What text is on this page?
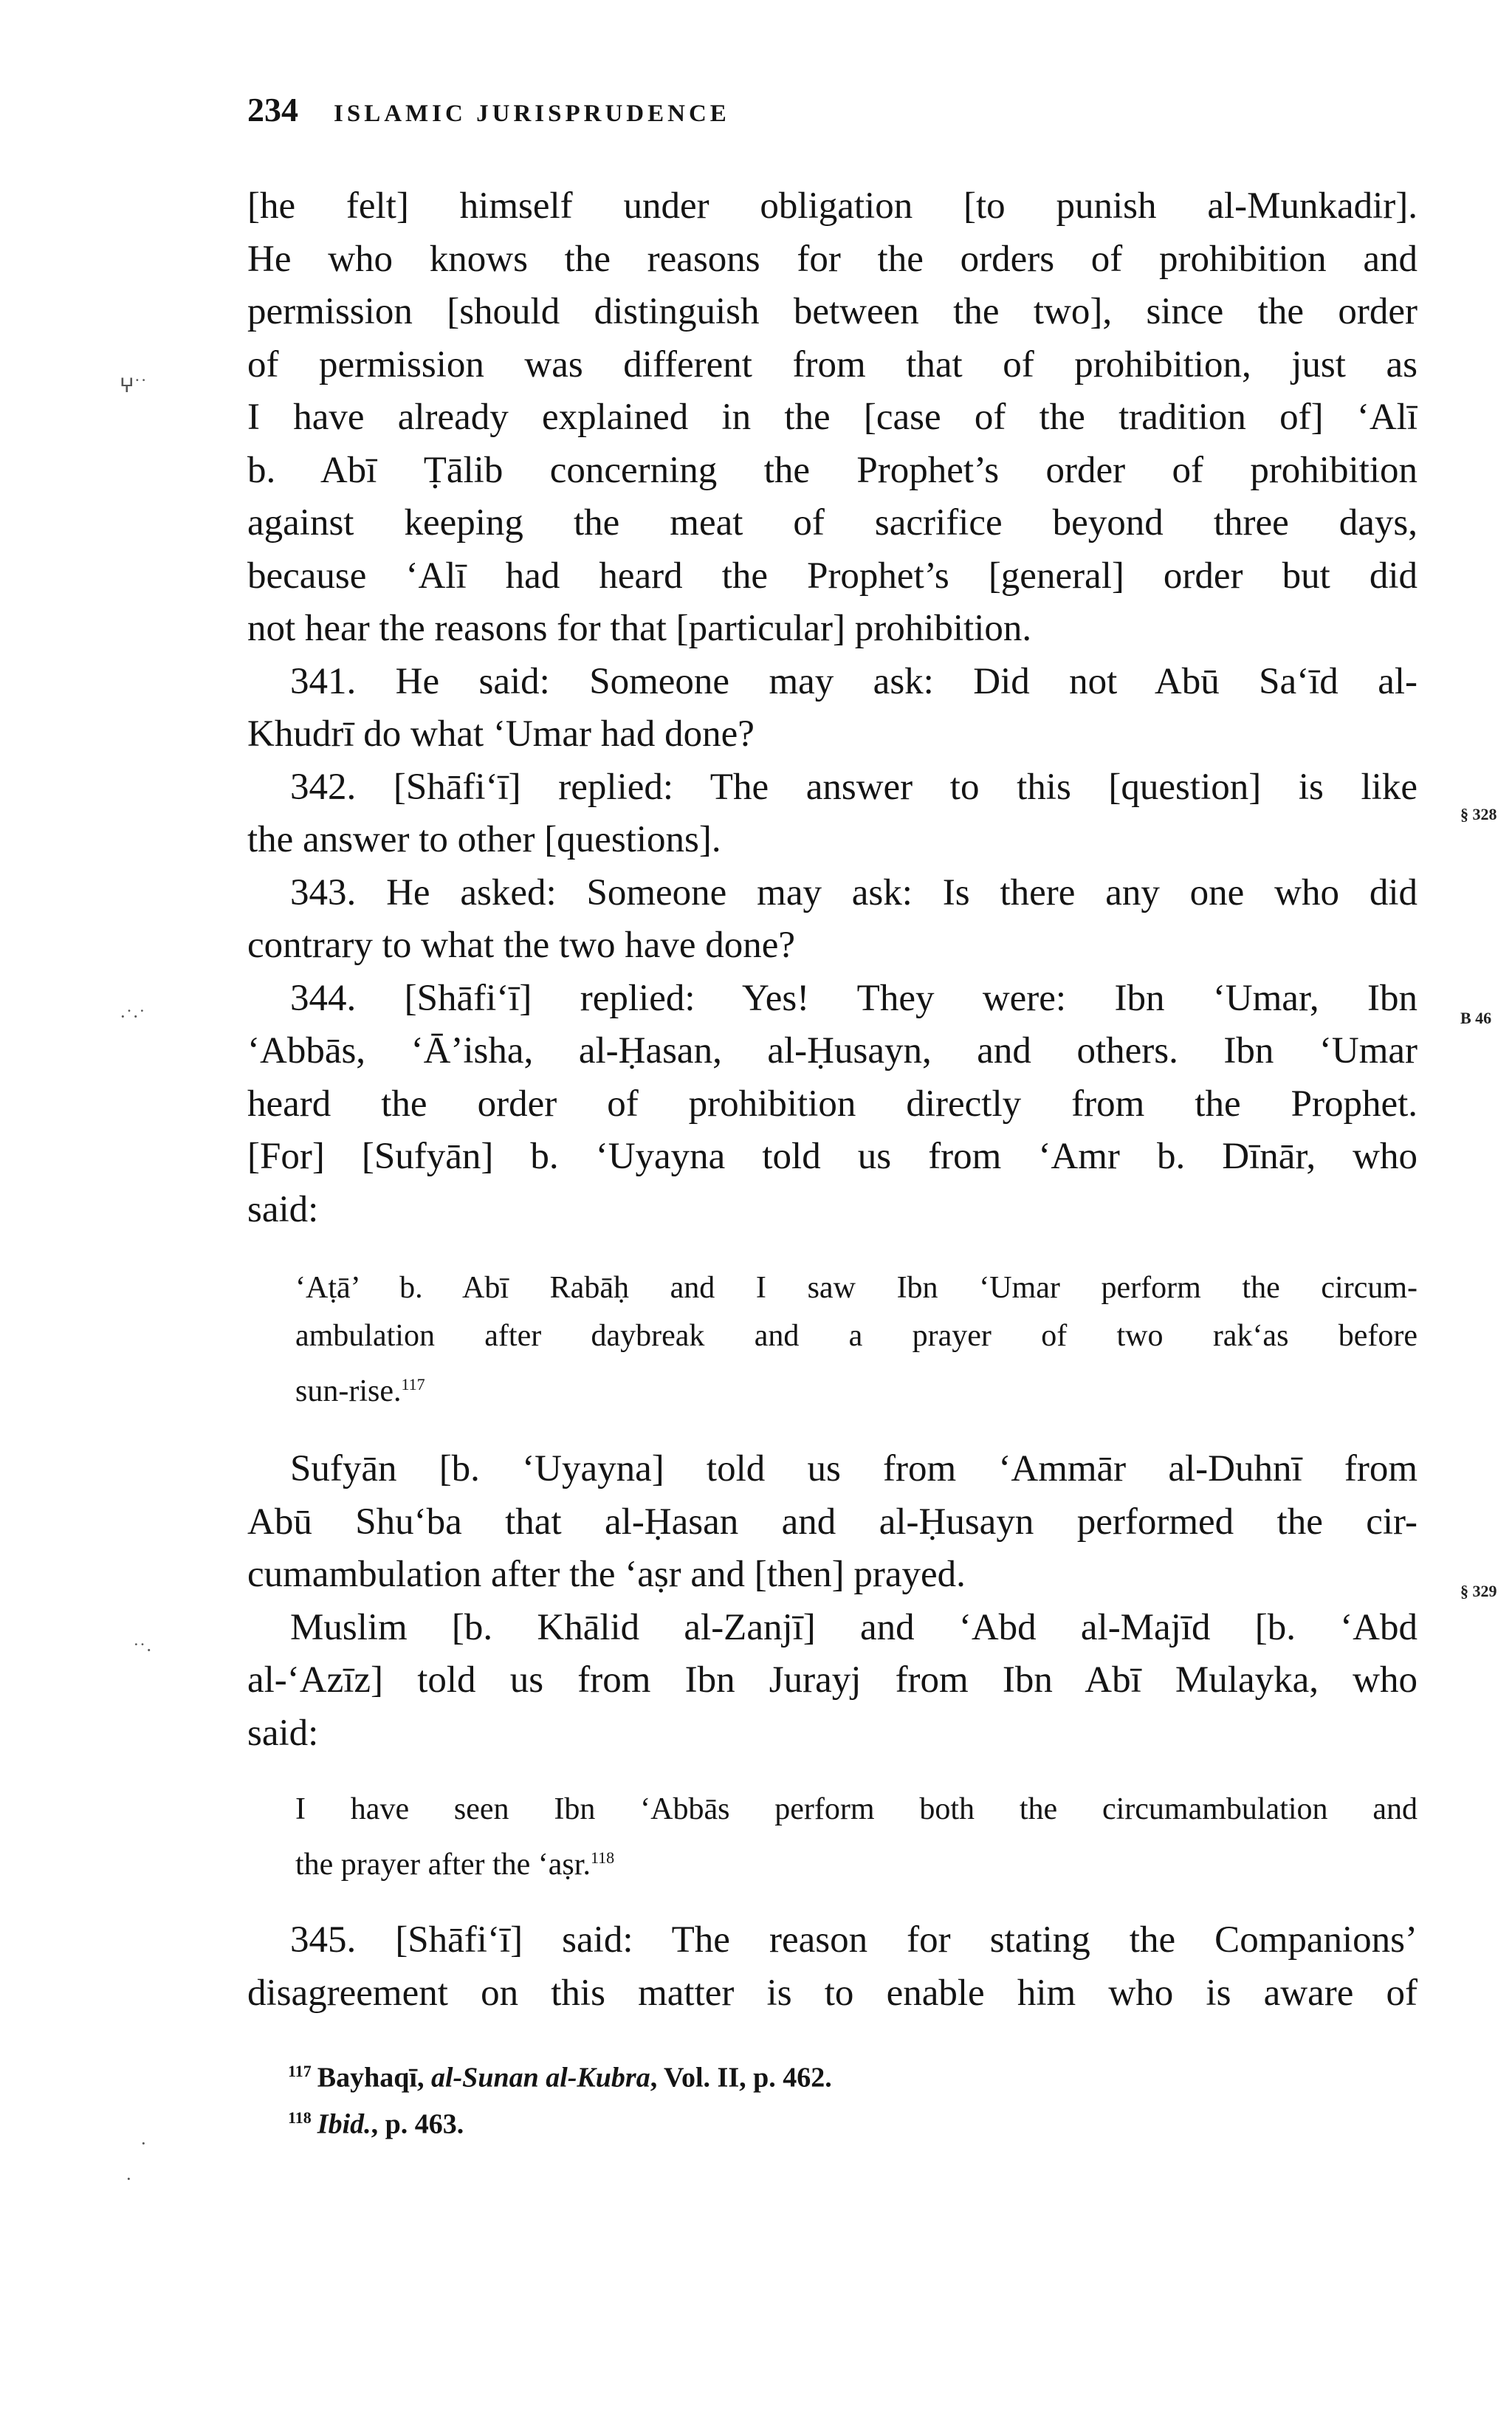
234 ISLAMIC JURISPRUDENCE
[he felt] himself under obligation [to punish al-Munkadir].
He who knows the reasons for the orders of prohibition and
permission [should distinguish between the two], since the order
of permission was different from that of prohibition, just as
I have already explained in the [case of the tradition of] ‘Alī
b. Abī Ṭālib concerning the Prophet’s order of prohibition
against keeping the meat of sacrifice beyond three days,
because ‘Alī had heard the Prophet’s [general] order but did
not hear the reasons for that [particular] prohibition.
341. He said: Someone may ask: Did not Abū Sa‘īd al-
Khudrī do what ‘Umar had done?
342. [Shāfi‘ī] replied: The answer to this [question] is like
the answer to other [questions].
343. He asked: Someone may ask: Is there any one who did
contrary to what the two have done?
344. [Shāfi‘ī] replied: Yes! They were: Ibn ‘Umar, Ibn
‘Abbās, ‘Ā’isha, al-Ḥasan, al-Ḥusayn, and others. Ibn ‘Umar
heard the order of prohibition directly from the Prophet.
[For] [Sufyān] b. ‘Uyayna told us from ‘Amr b. Dīnār, who
said:
‘Aṭā’ b. Abī Rabāḥ and I saw Ibn ‘Umar perform the circum-
ambulation after daybreak and a prayer of two rak‘as before
sun-rise.$^{117}$
Sufyān [b. ‘Uyayna] told us from ‘Ammār al-Duhnī from
Abū Shu‘ba that al-Ḥasan and al-Ḥusayn performed the cir-
cumambulation after the ‘aṣr and [then] prayed.
Muslim [b. Khālid al-Zanjī] and ‘Abd al-Majīd [b. ‘Abd
al-‘Azīz] told us from Ibn Jurayj from Ibn Abī Mulayka, who
said:
I have seen Ibn ‘Abbās perform both the circumambulation and
the prayer after the ‘aṣr.$^{118}$
345. [Shāfi‘ī] said: The reason for stating the Companions’
disagreement on this matter is to enable him who is aware of
$^{117}$ Bayhaqī, al-Sunan al-Kubra, Vol. II, p. 462.
$^{118}$ Ibid., p. 463.
§ 328
B 46
§ 329
ⵖ˙˙
·˙·˙
˙˙·
·
·
